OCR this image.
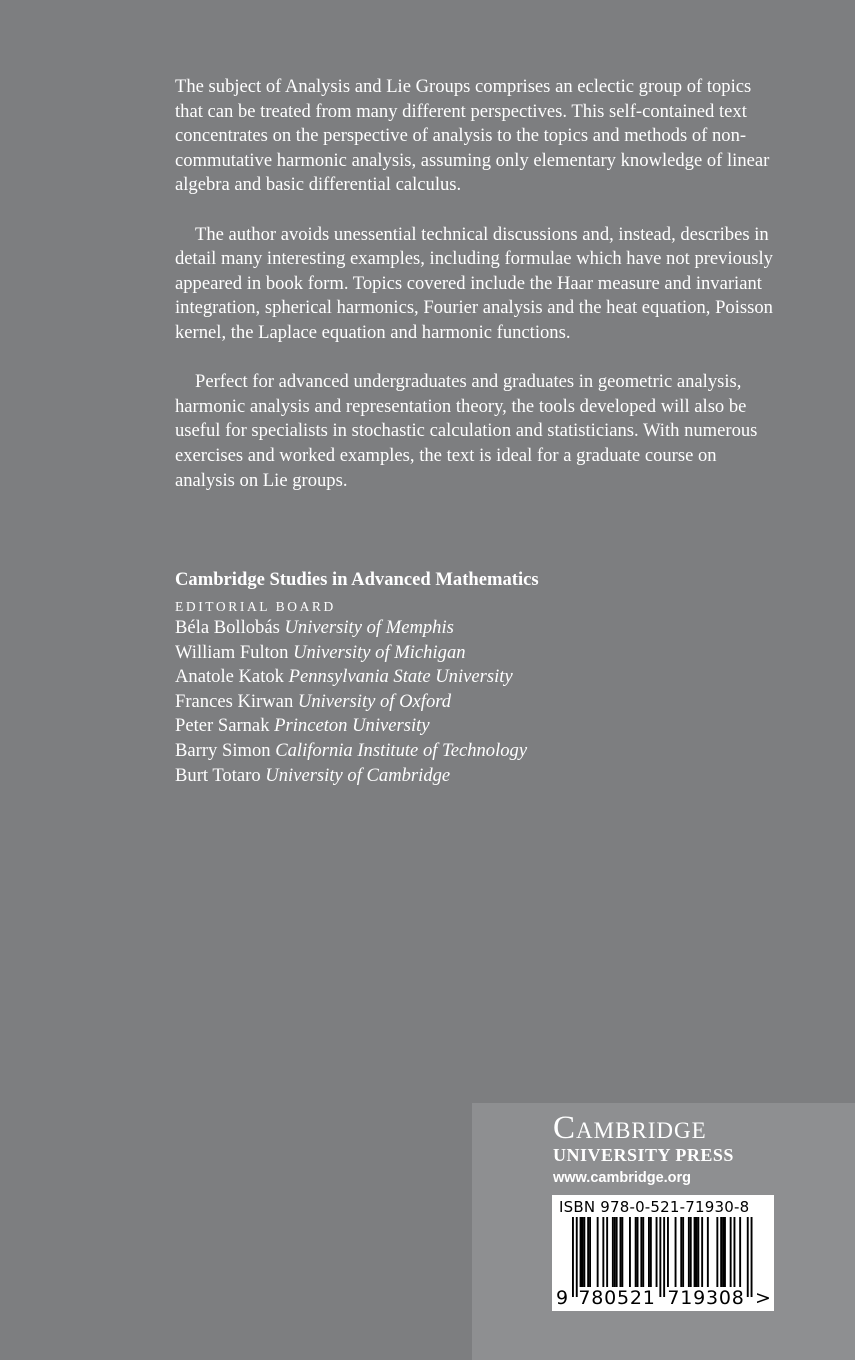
The subject of Analysis and Lie Groups comprises an eclectic group of topics that can be treated from many different perspectives. This self-contained text concentrates on the perspective of analysis to the topics and methods of non-commutative harmonic analysis, assuming only elementary knowledge of linear algebra and basic differential calculus.

The author avoids unessential technical discussions and, instead, describes in detail many interesting examples, including formulae which have not previously appeared in book form. Topics covered include the Haar measure and invariant integration, spherical harmonics, Fourier analysis and the heat equation, Poisson kernel, the Laplace equation and harmonic functions.

Perfect for advanced undergraduates and graduates in geometric analysis, harmonic analysis and representation theory, the tools developed will also be useful for specialists in stochastic calculation and statisticians. With numerous exercises and worked examples, the text is ideal for a graduate course on analysis on Lie groups.

Cambridge Studies in Advanced Mathematics
EDITORIAL BOARD
Béla Bollobás University of Memphis
William Fulton University of Michigan
Anatole Katok Pennsylvania State University
Frances Kirwan University of Oxford
Peter Sarnak Princeton University
Barry Simon California Institute of Technology
Burt Totaro University of Cambridge
Cambridge
UNIVERSITY PRESS
www.cambridge.org
ISBN 978-0-521-71930-8
9 780521 719308 >
